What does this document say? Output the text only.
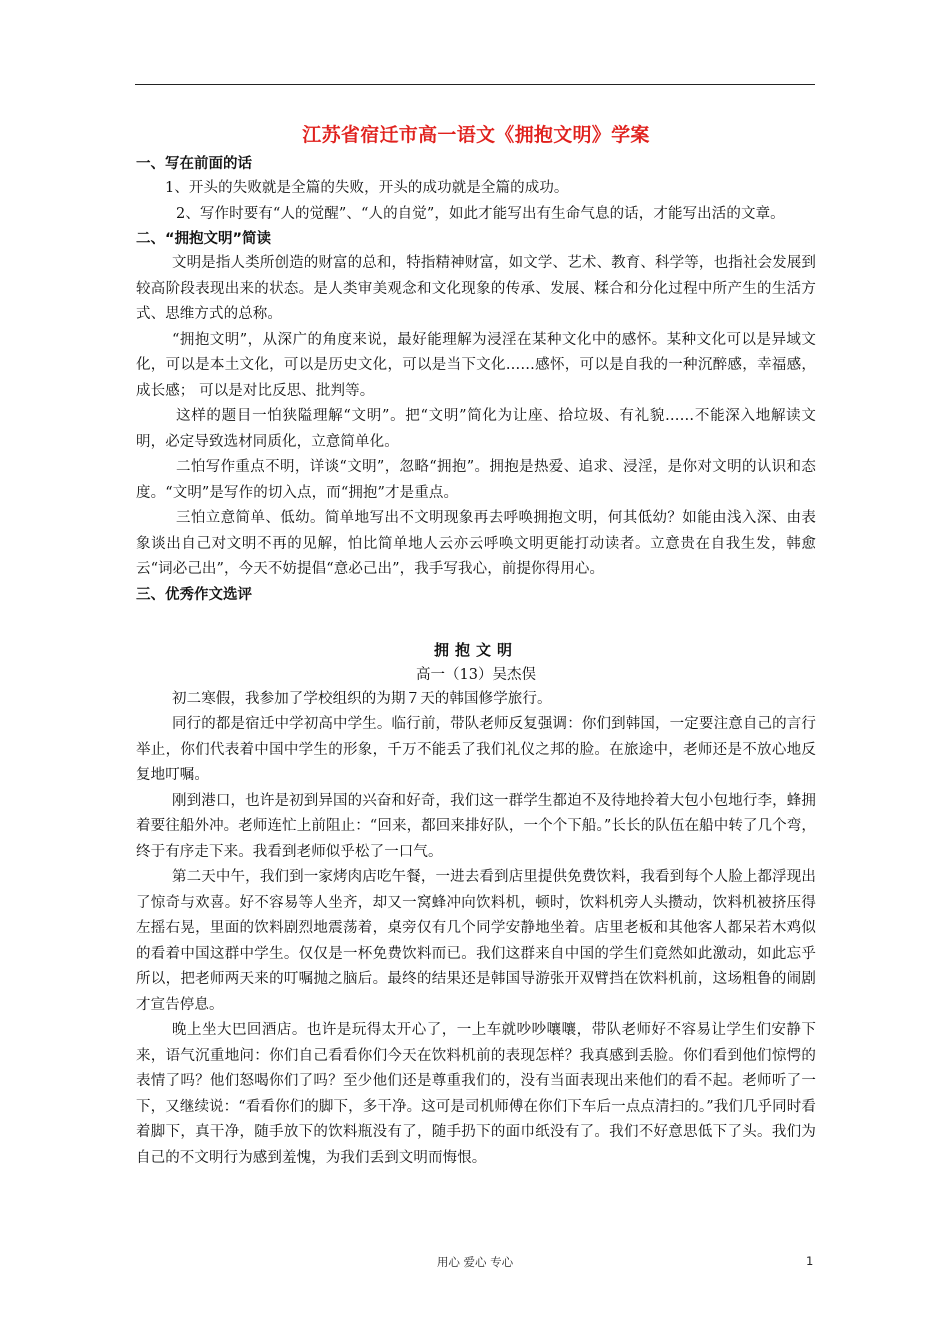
江苏省宿迁市高一语文《拥抱文明》学案
一、写在前面的话

1、开头的失败就是全篇的失败，开头的成功就是全篇的成功。

2、写作时要有“人的觉醒”、“人的自觉”，如此才能写出有生命气息的话，才能写出活的文章。

二、“拥抱文明”简读

文明是指人类所创造的财富的总和，特指精神财富，如文学、艺术、教育、科学等，也指社会发展到较高阶段表现出来的状态。是人类审美观念和文化现象的传承、发展、糅合和分化过程中所产生的生活方式、思维方式的总称。

“拥抱文明”，从深广的角度来说，最好能理解为浸淫在某种文化中的感怀。某种文化可以是异域文化，可以是本土文化，可以是历史文化，可以是当下文化……感怀，可以是自我的一种沉醉感，幸福感，成长感； 可以是对比反思、批判等。

这样的题目一怕狭隘理解“文明”。把“文明”简化为让座、拾垃圾、有礼貌……不能深入地解读文明，必定导致选材同质化，立意简单化。

二怕写作重点不明，详谈“文明”，忽略“拥抱”。拥抱是热爱、追求、浸淫，是你对文明的认识和态度。“文明”是写作的切入点，而“拥抱”才是重点。

三怕立意简单、低幼。简单地写出不文明现象再去呼唤拥抱文明，何其低幼？如能由浅入深、由表象谈出自己对文明不再的见解，怕比简单地人云亦云呼唤文明更能打动读者。立意贵在自我生发，韩愈云“词必己出”，今天不妨提倡“意必己出”，我手写我心，前提你得用心。

三、优秀作文选评
拥抱文明

高一（13）吴杰俣

初二寒假，我参加了学校组织的为期７天的韩国修学旅行。

同行的都是宿迁中学初高中学生。临行前，带队老师反复强调：你们到韩国，一定要注意自己的言行举止，你们代表着中国中学生的形象，千万不能丢了我们礼仪之邦的脸。在旅途中，老师还是不放心地反复地叮嘱。

刚到港口，也许是初到异国的兴奋和好奇，我们这一群学生都迫不及待地拎着大包小包地行李，蜂拥着要往船外冲。老师连忙上前阻止：“回来，都回来排好队，一个个下船。”长长的队伍在船中转了几个弯，终于有序走下来。我看到老师似乎松了一口气。

第二天中午，我们到一家烤肉店吃午餐，一进去看到店里提供免费饮料，我看到每个人脸上都浮现出了惊奇与欢喜。好不容易等人坐齐，却又一窝蜂冲向饮料机，顿时，饮料机旁人头攒动，饮料机被挤压得左摇右晃，里面的饮料剧烈地震荡着，桌旁仅有几个同学安静地坐着。店里老板和其他客人都呆若木鸡似的看着中国这群中学生。仅仅是一杯免费饮料而已。我们这群来自中国的学生们竟然如此激动，如此忘乎所以，把老师两天来的叮嘱抛之脑后。最终的结果还是韩国导游张开双臂挡在饮料机前，这场粗鲁的闹剧才宣告停息。

晚上坐大巴回酒店。也许是玩得太开心了，一上车就吵吵嚷嚷，带队老师好不容易让学生们安静下来，语气沉重地问：你们自己看看你们今天在饮料机前的表现怎样？我真感到丢脸。你们看到他们惊愕的表情了吗？他们怒喝你们了吗？至少他们还是尊重我们的，没有当面表现出来他们的看不起。老师听了一下，又继续说：“看看你们的脚下，多干净。这可是司机师傅在你们下车后一点点清扫的。”我们几乎同时看着脚下，真干净，随手放下的饮料瓶没有了，随手扔下的面巾纸没有了。我们不好意思低下了头。我们为自己的不文明行为感到羞愧，为我们丢到文明而悔恨。

用心 爱心 专心	1
